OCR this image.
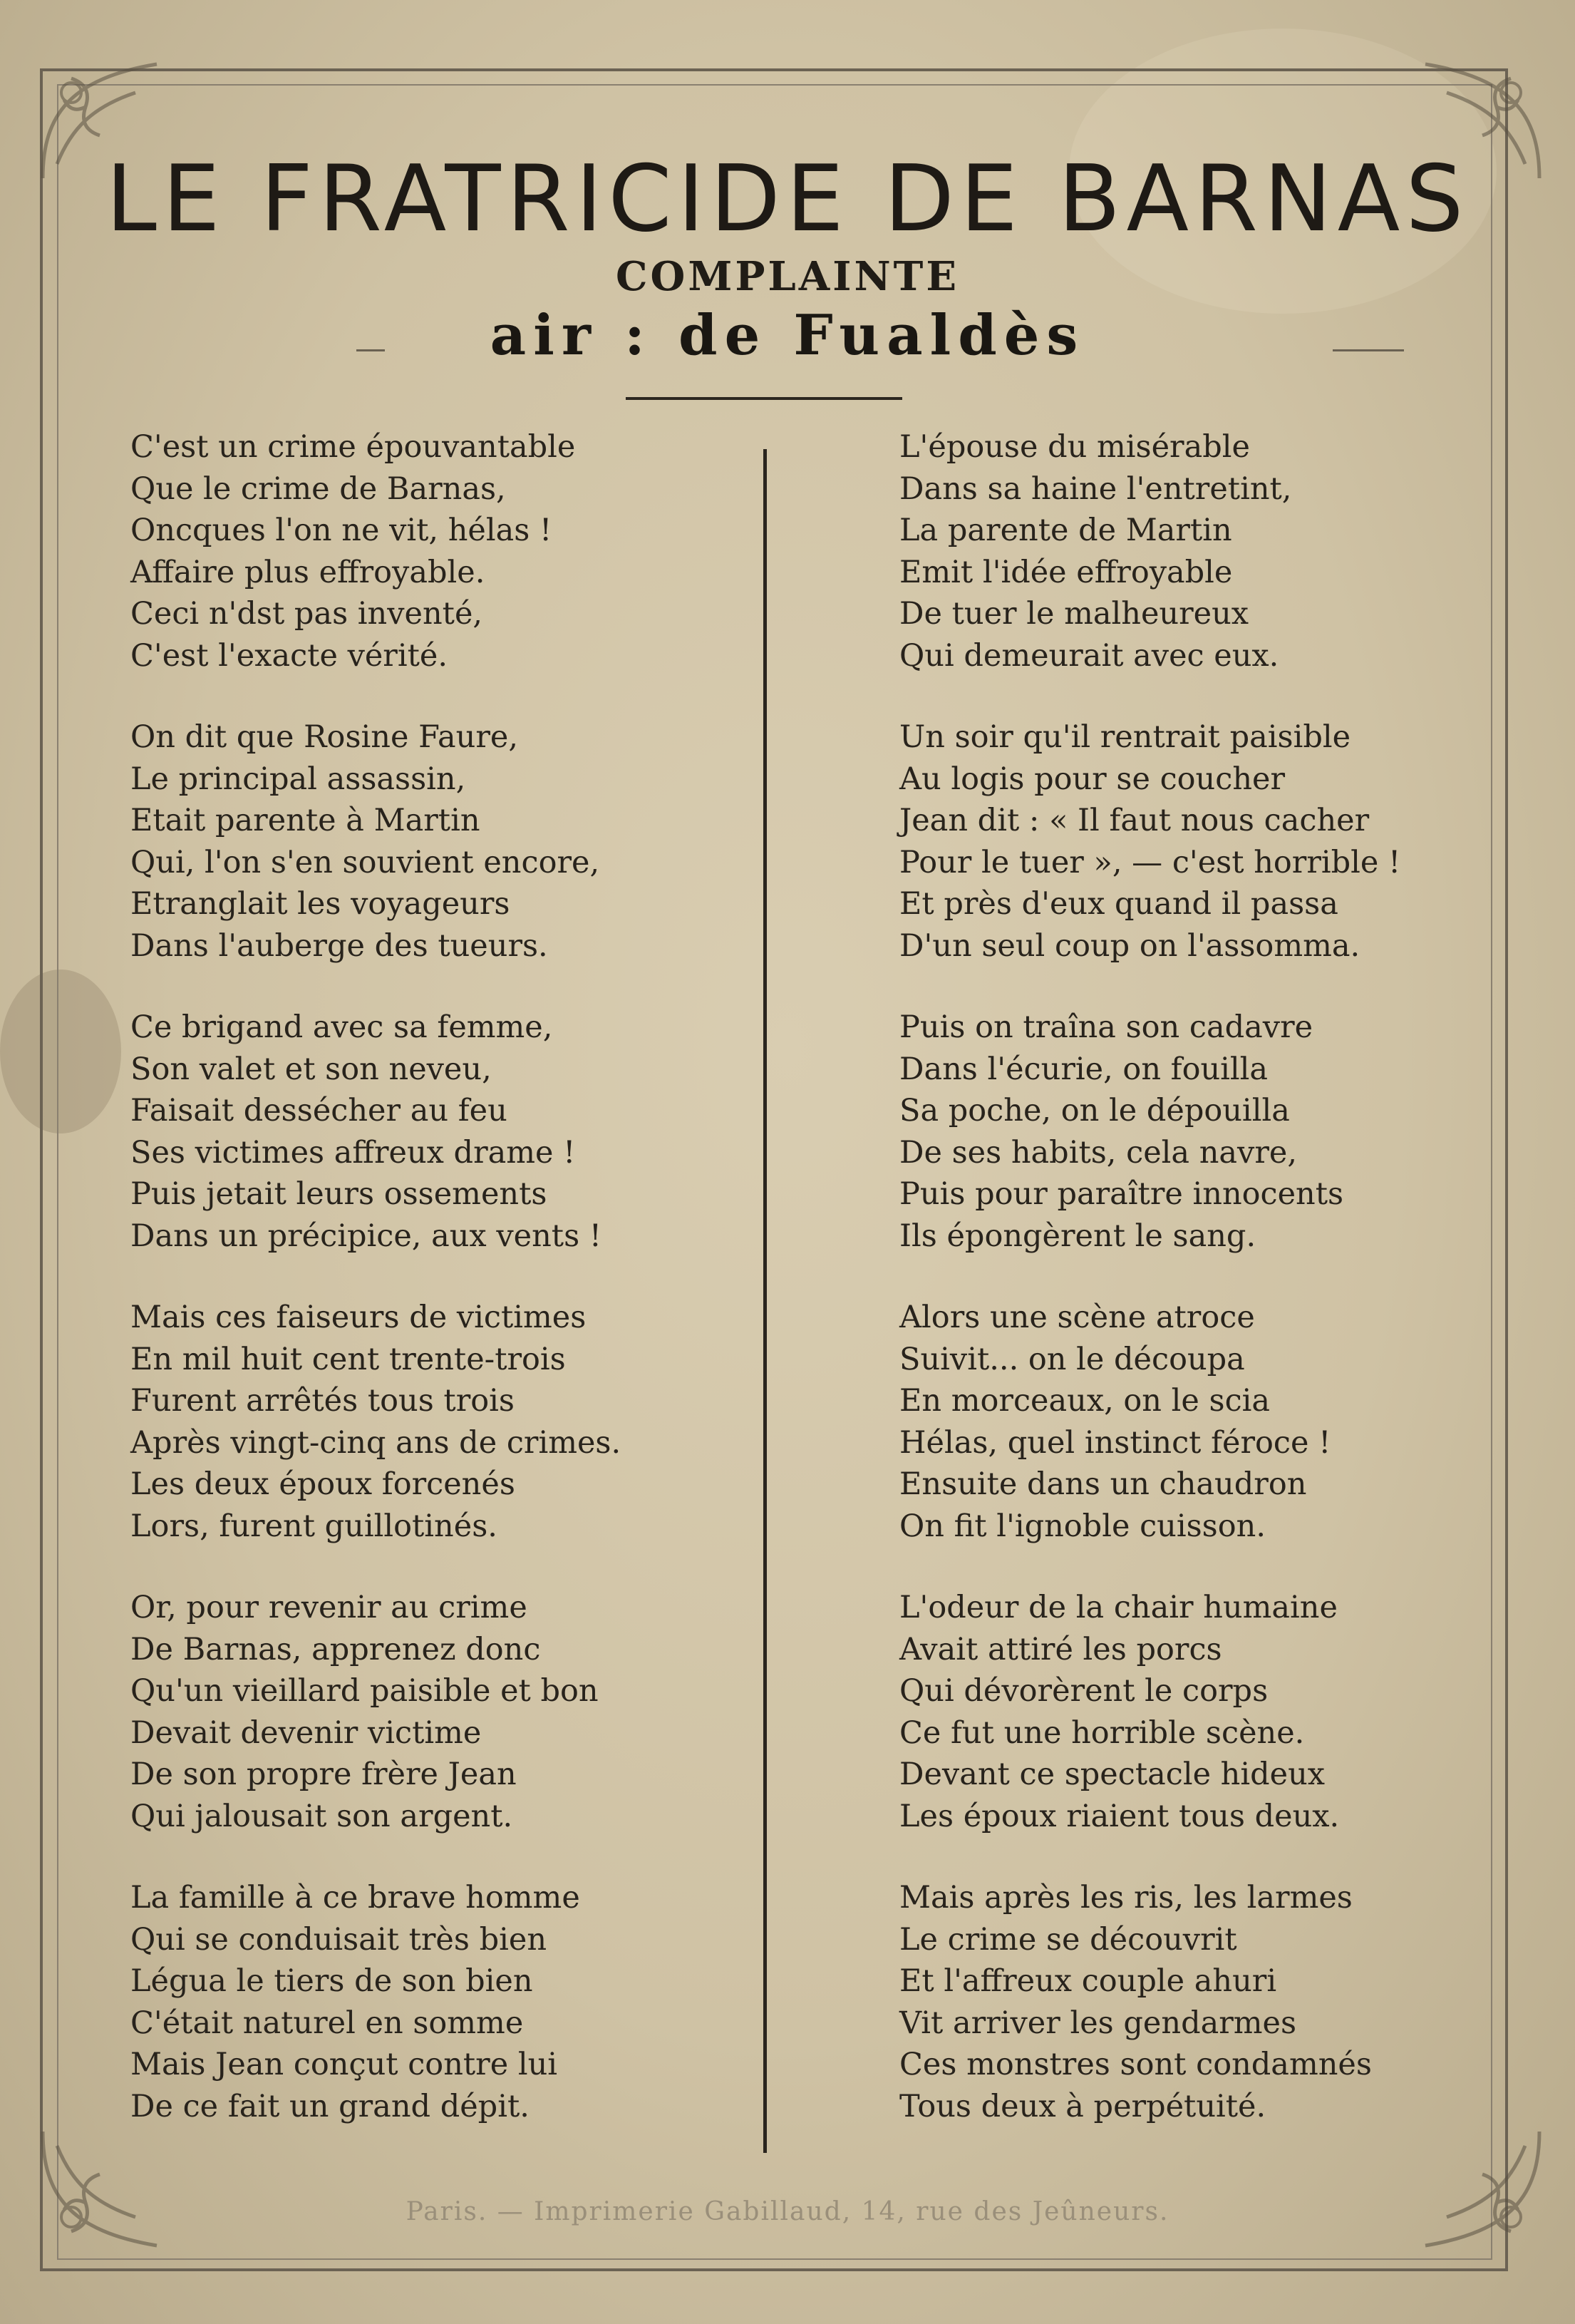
LE FRATRICIDE DE BARNAS
COMPLAINTE
air : de Fualdès
C'est un crime épouvantable
Que le crime de Barnas,
Oncques l'on ne vit, hélas !
Affaire plus effroyable.
Ceci n'dst pas inventé,
C'est l'exacte vérité.
On dit que Rosine Faure,
Le principal assassin,
Etait parente à Martin
Qui, l'on s'en souvient encore,
Etranglait les voyageurs
Dans l'auberge des tueurs.
Ce brigand avec sa femme,
Son valet et son neveu,
Faisait dessécher au feu
Ses victimes affreux drame !
Puis jetait leurs ossements
Dans un précipice, aux vents !
Mais ces faiseurs de victimes
En mil huit cent trente-trois
Furent arrêtés tous trois
Après vingt-cinq ans de crimes.
Les deux époux forcenés
Lors, furent guillotinés.
Or, pour revenir au crime
De Barnas, apprenez donc
Qu'un vieillard paisible et bon
Devait devenir victime
De son propre frère Jean
Qui jalousait son argent.
La famille à ce brave homme
Qui se conduisait très bien
Légua le tiers de son bien
C'était naturel en somme
Mais Jean conçut contre lui
De ce fait un grand dépit.
L'épouse du misérable
Dans sa haine l'entretint,
La parente de Martin
Emit l'idée effroyable
De tuer le malheureux
Qui demeurait avec eux.
Un soir qu'il rentrait paisible
Au logis pour se coucher
Jean dit : « Il faut nous cacher
Pour le tuer », — c'est horrible !
Et près d'eux quand il passa
D'un seul coup on l'assomma.
Puis on traîna son cadavre
Dans l'écurie, on fouilla
Sa poche, on le dépouilla
De ses habits, cela navre,
Puis pour paraître innocents
Ils épongèrent le sang.
Alors une scène atroce
Suivit... on le découpa
En morceaux, on le scia
Hélas, quel instinct féroce !
Ensuite dans un chaudron
On fit l'ignoble cuisson.
L'odeur de la chair humaine
Avait attiré les porcs
Qui dévorèrent le corps
Ce fut une horrible scène.
Devant ce spectacle hideux
Les époux riaient tous deux.
Mais après les ris, les larmes
Le crime se découvrit
Et l'affreux couple ahuri
Vit arriver les gendarmes
Ces monstres sont condamnés
Tous deux à perpétuité.
Paris. — Imprimerie Gabillaud, 14, rue des Jeûneurs.
